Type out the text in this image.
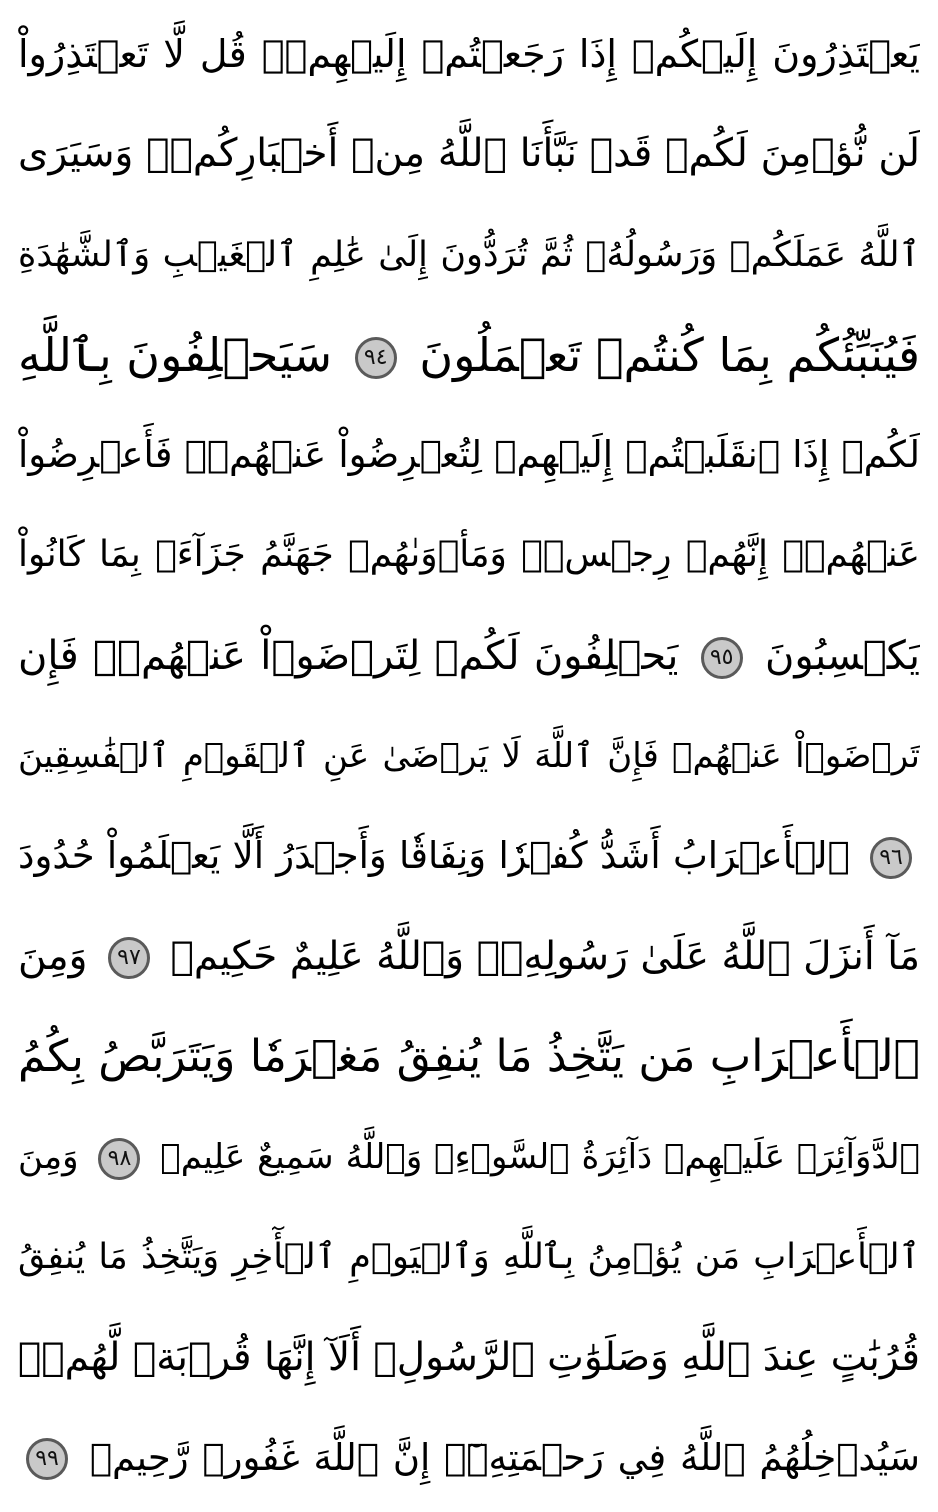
يَعۡتَذِرُونَ إِلَيۡكُمۡ إِذَا رَجَعۡتُمۡ إِلَيۡهِمۡۚ قُل لَّا تَعۡتَذِرُواْ
لَن نُّؤۡمِنَ لَكُمۡ قَدۡ نَبَّأَنَا ٱللَّهُ مِنۡ أَخۡبَارِكُمۡۚ وَسَيَرَى
ٱللَّهُ عَمَلَكُمۡ وَرَسُولُهُۥ ثُمَّ تُرَدُّونَ إِلَىٰ عَٰلِمِ ٱلۡغَيۡبِ وَٱلشَّهَٰدَةِ
فَيُنَبِّئُكُم بِمَا كُنتُمۡ تَعۡمَلُونَ ٩٤ سَيَحۡلِفُونَ بِٱللَّهِ
لَكُمۡ إِذَا ٱنقَلَبۡتُمۡ إِلَيۡهِمۡ لِتُعۡرِضُواْ عَنۡهُمۡۖ فَأَعۡرِضُواْ
عَنۡهُمۡۖ إِنَّهُمۡ رِجۡسٞۖ وَمَأۡوَىٰهُمۡ جَهَنَّمُ جَزَآءَۢ بِمَا كَانُواْ
يَكۡسِبُونَ ٩٥ يَحۡلِفُونَ لَكُمۡ لِتَرۡضَوۡاْ عَنۡهُمۡۖ فَإِن
تَرۡضَوۡاْ عَنۡهُمۡ فَإِنَّ ٱللَّهَ لَا يَرۡضَىٰ عَنِ ٱلۡقَوۡمِ ٱلۡفَٰسِقِينَ
٩٦ ٱلۡأَعۡرَابُ أَشَدُّ كُفۡرٗا وَنِفَاقٗا وَأَجۡدَرُ أَلَّا يَعۡلَمُواْ حُدُودَ
مَآ أَنزَلَ ٱللَّهُ عَلَىٰ رَسُولِهِۦۗ وَٱللَّهُ عَلِيمٌ حَكِيمٞ ٩٧ وَمِنَ
ٱلۡأَعۡرَابِ مَن يَتَّخِذُ مَا يُنفِقُ مَغۡرَمٗا وَيَتَرَبَّصُ بِكُمُ
ٱلدَّوَآئِرَۚ عَلَيۡهِمۡ دَآئِرَةُ ٱلسَّوۡءِۗ وَٱللَّهُ سَمِيعٌ عَلِيمٞ ٩٨ وَمِنَ
ٱلۡأَعۡرَابِ مَن يُؤۡمِنُ بِٱللَّهِ وَٱلۡيَوۡمِ ٱلۡأٓخِرِ وَيَتَّخِذُ مَا يُنفِقُ
قُرُبَٰتٍ عِندَ ٱللَّهِ وَصَلَوَٰتِ ٱلرَّسُولِۚ أَلَآ إِنَّهَا قُرۡبَةٞ لَّهُمۡۚ
سَيُدۡخِلُهُمُ ٱللَّهُ فِي رَحۡمَتِهِۦٓۚ إِنَّ ٱللَّهَ غَفُورٞ رَّحِيمٞ ٩٩
